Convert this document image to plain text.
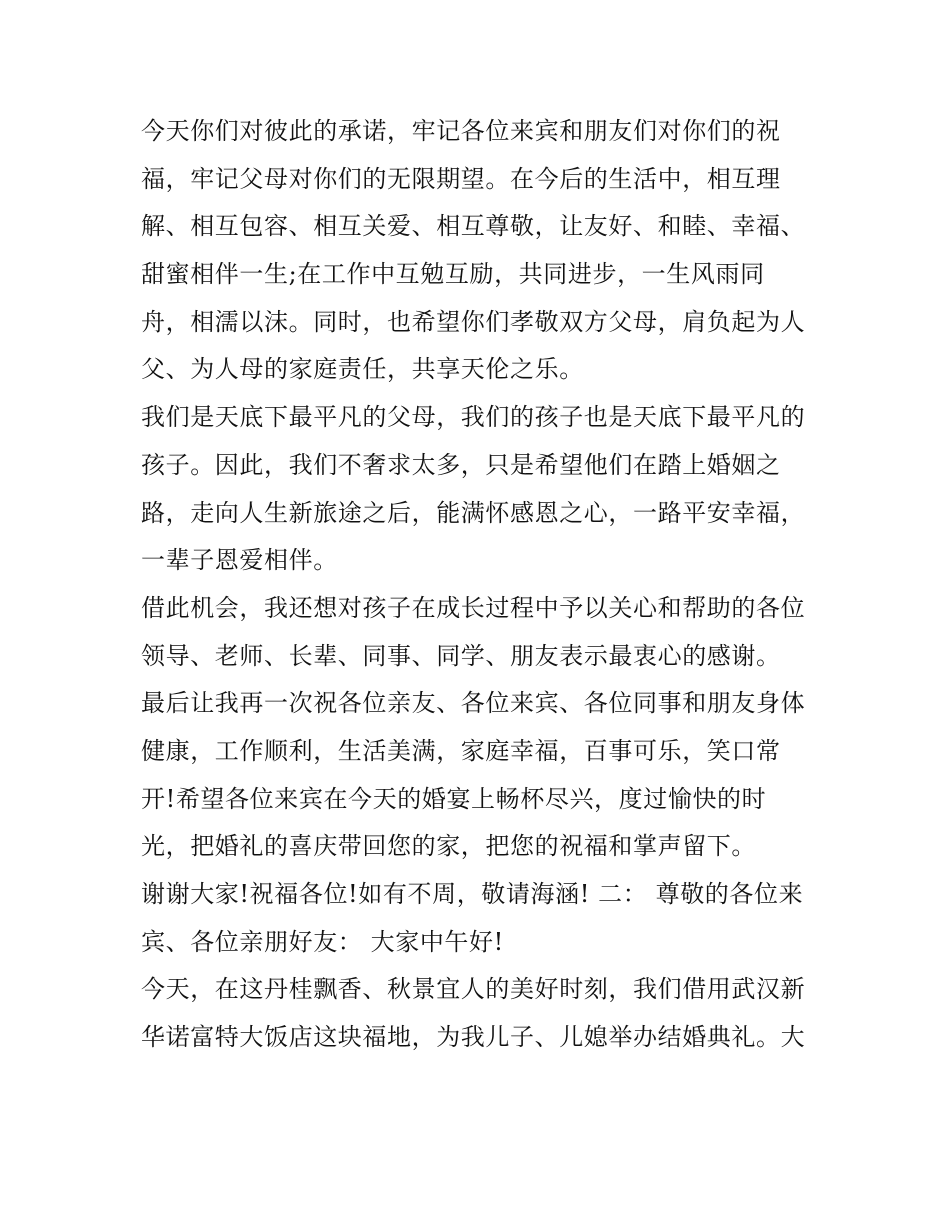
今天你们对彼此的承诺，牢记各位来宾和朋友们对你们的祝
福，牢记父母对你们的无限期望。在今后的生活中，相互理
解、相互包容、相互关爱、相互尊敬，让友好、和睦、幸福、
甜蜜相伴一生;在工作中互勉互励，共同进步，一生风雨同
舟，相濡以沫。同时，也希望你们孝敬双方父母，肩负起为人
父、为人母的家庭责任，共享天伦之乐。
我们是天底下最平凡的父母，我们的孩子也是天底下最平凡的
孩子。因此，我们不奢求太多，只是希望他们在踏上婚姻之
路，走向人生新旅途之后，能满怀感恩之心，一路平安幸福，
一辈子恩爱相伴。
借此机会，我还想对孩子在成长过程中予以关心和帮助的各位
领导、老师、长辈、同事、同学、朋友表示最衷心的感谢。
最后让我再一次祝各位亲友、各位来宾、各位同事和朋友身体
健康，工作顺利，生活美满，家庭幸福，百事可乐，笑口常
开!希望各位来宾在今天的婚宴上畅杯尽兴，度过愉快的时
光，把婚礼的喜庆带回您的家，把您的祝福和掌声留下。
谢谢大家!祝福各位!如有不周，敬请海涵! 二： 尊敬的各位来
宾、各位亲朋好友： 大家中午好!
今天，在这丹桂飘香、秋景宜人的美好时刻，我们借用武汉新
华诺富特大饭店这块福地，为我儿子、儿媳举办结婚典礼。大
